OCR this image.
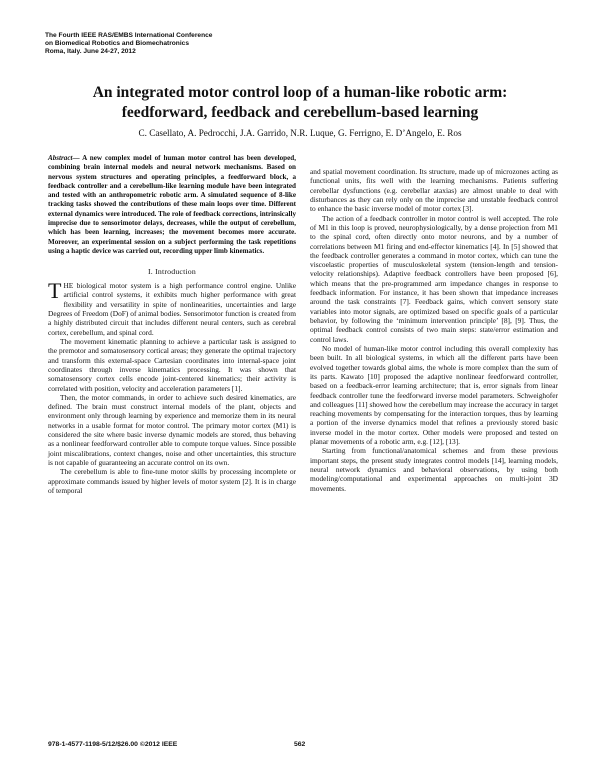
The Fourth IEEE RAS/EMBS International Conference
on Biomedical Robotics and Biomechatronics
Roma, Italy. June 24-27, 2012
An integrated motor control loop of a human-like robotic arm:
feedforward, feedback and cerebellum-based learning
C. Casellato, A. Pedrocchi, J.A. Garrido, N.R. Luque, G. Ferrigno, E. D’Angelo, E. Ros

Abstract— A new complex model of human motor control has been developed, combining brain internal models and neural network mechanisms. Based on nervous system structures and operating principles, a feedforward block, a feedback controller and a cerebellum-like learning module have been integrated and tested with an anthropometric robotic arm. A simulated sequence of 8-like tracking tasks showed the contributions of these main loops over time. Different external dynamics were introduced. The role of feedback corrections, intrinsically imprecise due to sensorimotor delays, decreases, while the output of cerebellum, which has been learning, increases; the movement becomes more accurate. Moreover, an experimental session on a subject performing the task repetitions using a haptic device was carried out, recording upper limb kinematics.

I. Introduction

THE biological motor system is a high performance control engine. Unlike artificial control systems, it exhibits much higher performance with great flexibility and versatility in spite of nonlinearities, uncertainties and large Degrees of Freedom (DoF) of animal bodies. Sensorimotor function is created from a highly distributed circuit that includes different neural centers, such as cerebral cortex, cerebellum, and spinal cord.

The movement kinematic planning to achieve a particular task is assigned to the premotor and somatosensory cortical areas; they generate the optimal trajectory and transform this external-space Cartesian coordinates into internal-space joint coordinates through inverse kinematics processing. It was shown that somatosensory cortex cells encode joint-centered kinematics; their activity is correlated with position, velocity and acceleration parameters [1].

Then, the motor commands, in order to achieve such desired kinematics, are defined. The brain must construct internal models of the plant, objects and environment only through learning by experience and memorize them in its neural networks in a usable format for motor control. The primary motor cortex (M1) is considered the site where basic inverse dynamic models are stored, thus behaving as a nonlinear feedforward controller able to compute torque values. Since possible joint miscalibrations, context changes, noise and other uncertainties, this structure is not capable of guaranteeing an accurate control on its own.

The cerebellum is able to fine-tune motor skills by processing incomplete or approximate commands issued by higher levels of motor system [2]. It is in charge of temporal

and spatial movement coordination. Its structure, made up of microzones acting as functional units, fits well with the learning mechanisms. Patients suffering cerebellar dysfunctions (e.g. cerebellar ataxias) are almost unable to deal with disturbances as they can rely only on the imprecise and unstable feedback control to enhance the basic inverse model of motor cortex [3].

The action of a feedback controller in motor control is well accepted. The role of M1 in this loop is proved, neurophysiologically, by a dense projection from M1 to the spinal cord, often directly onto motor neurons, and by a number of correlations between M1 firing and end-effector kinematics [4]. In [5] showed that the feedback controller generates a command in motor cortex, which can tune the viscoelastic properties of musculoskeletal system (tension-length and tension-velocity relationships). Adaptive feedback controllers have been proposed [6], which means that the pre-programmed arm impedance changes in response to feedback information. For instance, it has been shown that impedance increases around the task constraints [7]. Feedback gains, which convert sensory state variables into motor signals, are optimized based on specific goals of a particular behavior, by following the ‘minimum intervention principle’ [8], [9]. Thus, the optimal feedback control consists of two main steps: state/error estimation and control laws.

No model of human-like motor control including this overall complexity has been built. In all biological systems, in which all the different parts have been evolved together towards global aims, the whole is more complex than the sum of its parts. Kawato [10] proposed the adaptive nonlinear feedforward controller, based on a feedback-error learning architecture; that is, error signals from linear feedback controller tune the feedforward inverse model parameters. Schweighofer and colleagues [11] showed how the cerebellum may increase the accuracy in target reaching movements by compensating for the interaction torques, thus by learning a portion of the inverse dynamics model that refines a previously stored basic inverse model in the motor cortex. Other models were proposed and tested on planar movements of a robotic arm, e.g. [12], [13].

Starting from functional/anatomical schemes and from these previous important steps, the present study integrates control models [14], learning models, neural network dynamics and behavioral observations, by using both modeling/computational and experimental approaches on multi-joint 3D movements.

978-1-4577-1198-5/12/$26.00 ©2012 IEEE	562
